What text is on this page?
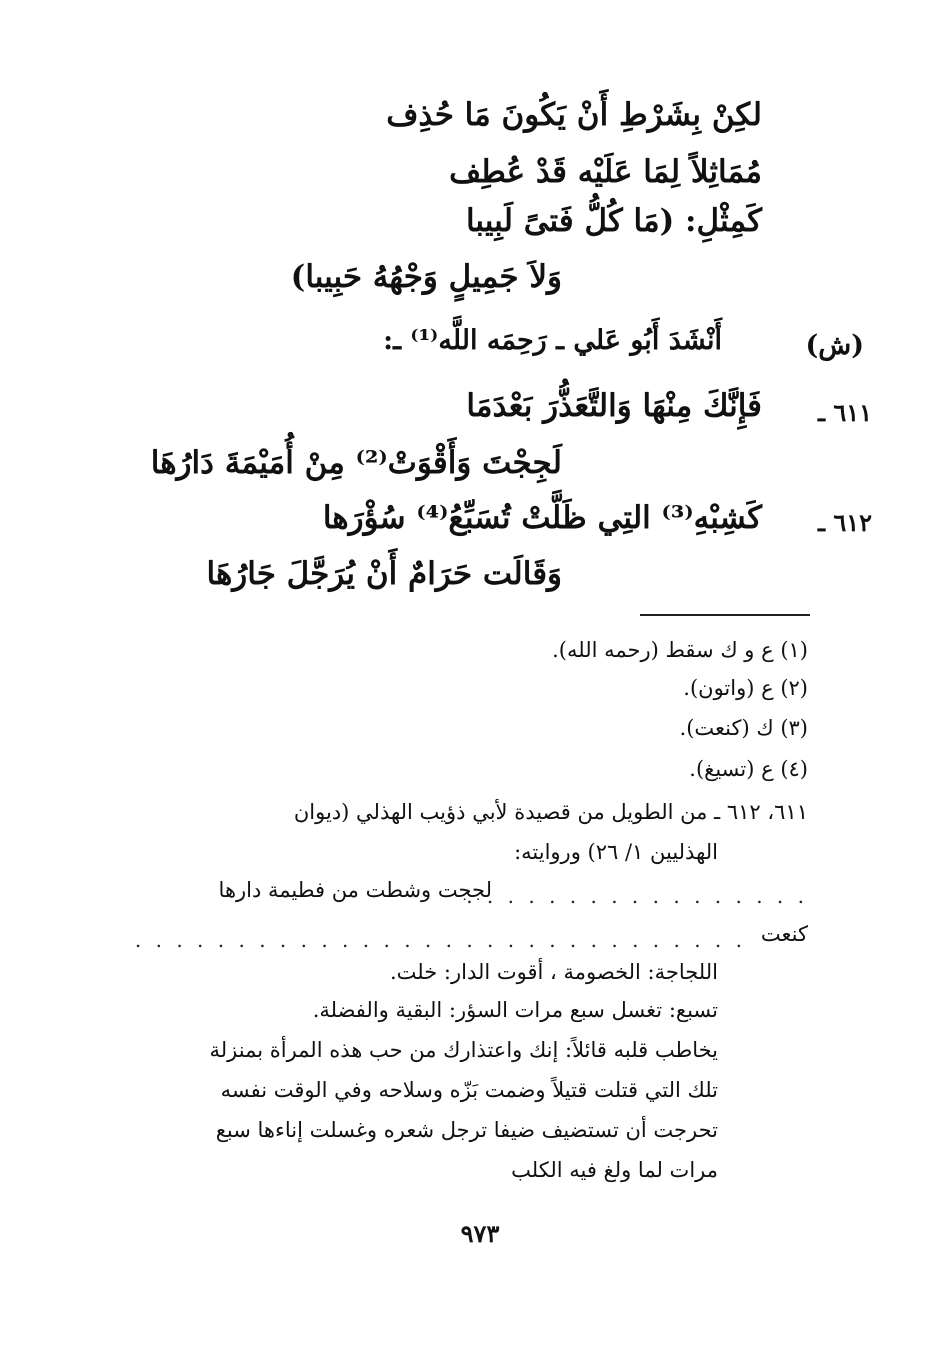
لكِنْ بِشَرْطِ أَنْ يَكُونَ مَا حُذِف
مُمَاثِلاً لِمَا عَلَيْه قَدْ عُطِف
كَمِثْلِ: (مَا كُلُّ فَتىً لَبِيبا
وَلاَ جَمِيلٍ وَجْهُهُ حَبِيبا)
(ش)
أَنْشَدَ أَبُو عَلي ـ رَحِمَه اللَّه⁽¹⁾ ـ:
٦١١ ـ
فَإِنَّكَ مِنْهَا وَالتَّعَذُّرَ بَعْدَمَا
لَجِجْتَ وَأَقْوَتْ⁽²⁾ مِنْ أُمَيْمَةَ دَارُهَا
٦١٢ ـ
كَشِبْهِ⁽³⁾ التِي ظَلَّتْ تُسَبِّعُ⁽⁴⁾ سُؤْرَها
وَقَالَت حَرَامٌ أَنْ يُرَجَّلَ جَارُهَا
(١) ع و ك سقط (رحمه الله).
(٢) ع (واتون).
(٣) ك (كنعت).
(٤) ع (تسيغ).
٦١١، ٦١٢ ـ من الطويل من قصيدة لأبي ذؤيب الهذلي (ديوان
الهذليين ١/ ٢٦) وروايته:
. . . . . . . . . . . . . . . . .
لججت وشطت من فطيمة دارها
كنعت
. . . . . . . . . . . . . . . . . . . . . . . . . . . . . .
اللجاجة: الخصومة ، أقوت الدار: خلت.
تسبع: تغسل سبع مرات السؤر: البقية والفضلة.
يخاطب قلبه قائلاً: إنك واعتذارك من حب هذه المرأة بمنزلة
تلك التي قتلت قتيلاً وضمت بَزّه وسلاحه وفي الوقت نفسه
تحرجت أن تستضيف ضيفا ترجل شعره وغسلت إناءها سبع
مرات لما ولغ فيه الكلب
٩٧٣
